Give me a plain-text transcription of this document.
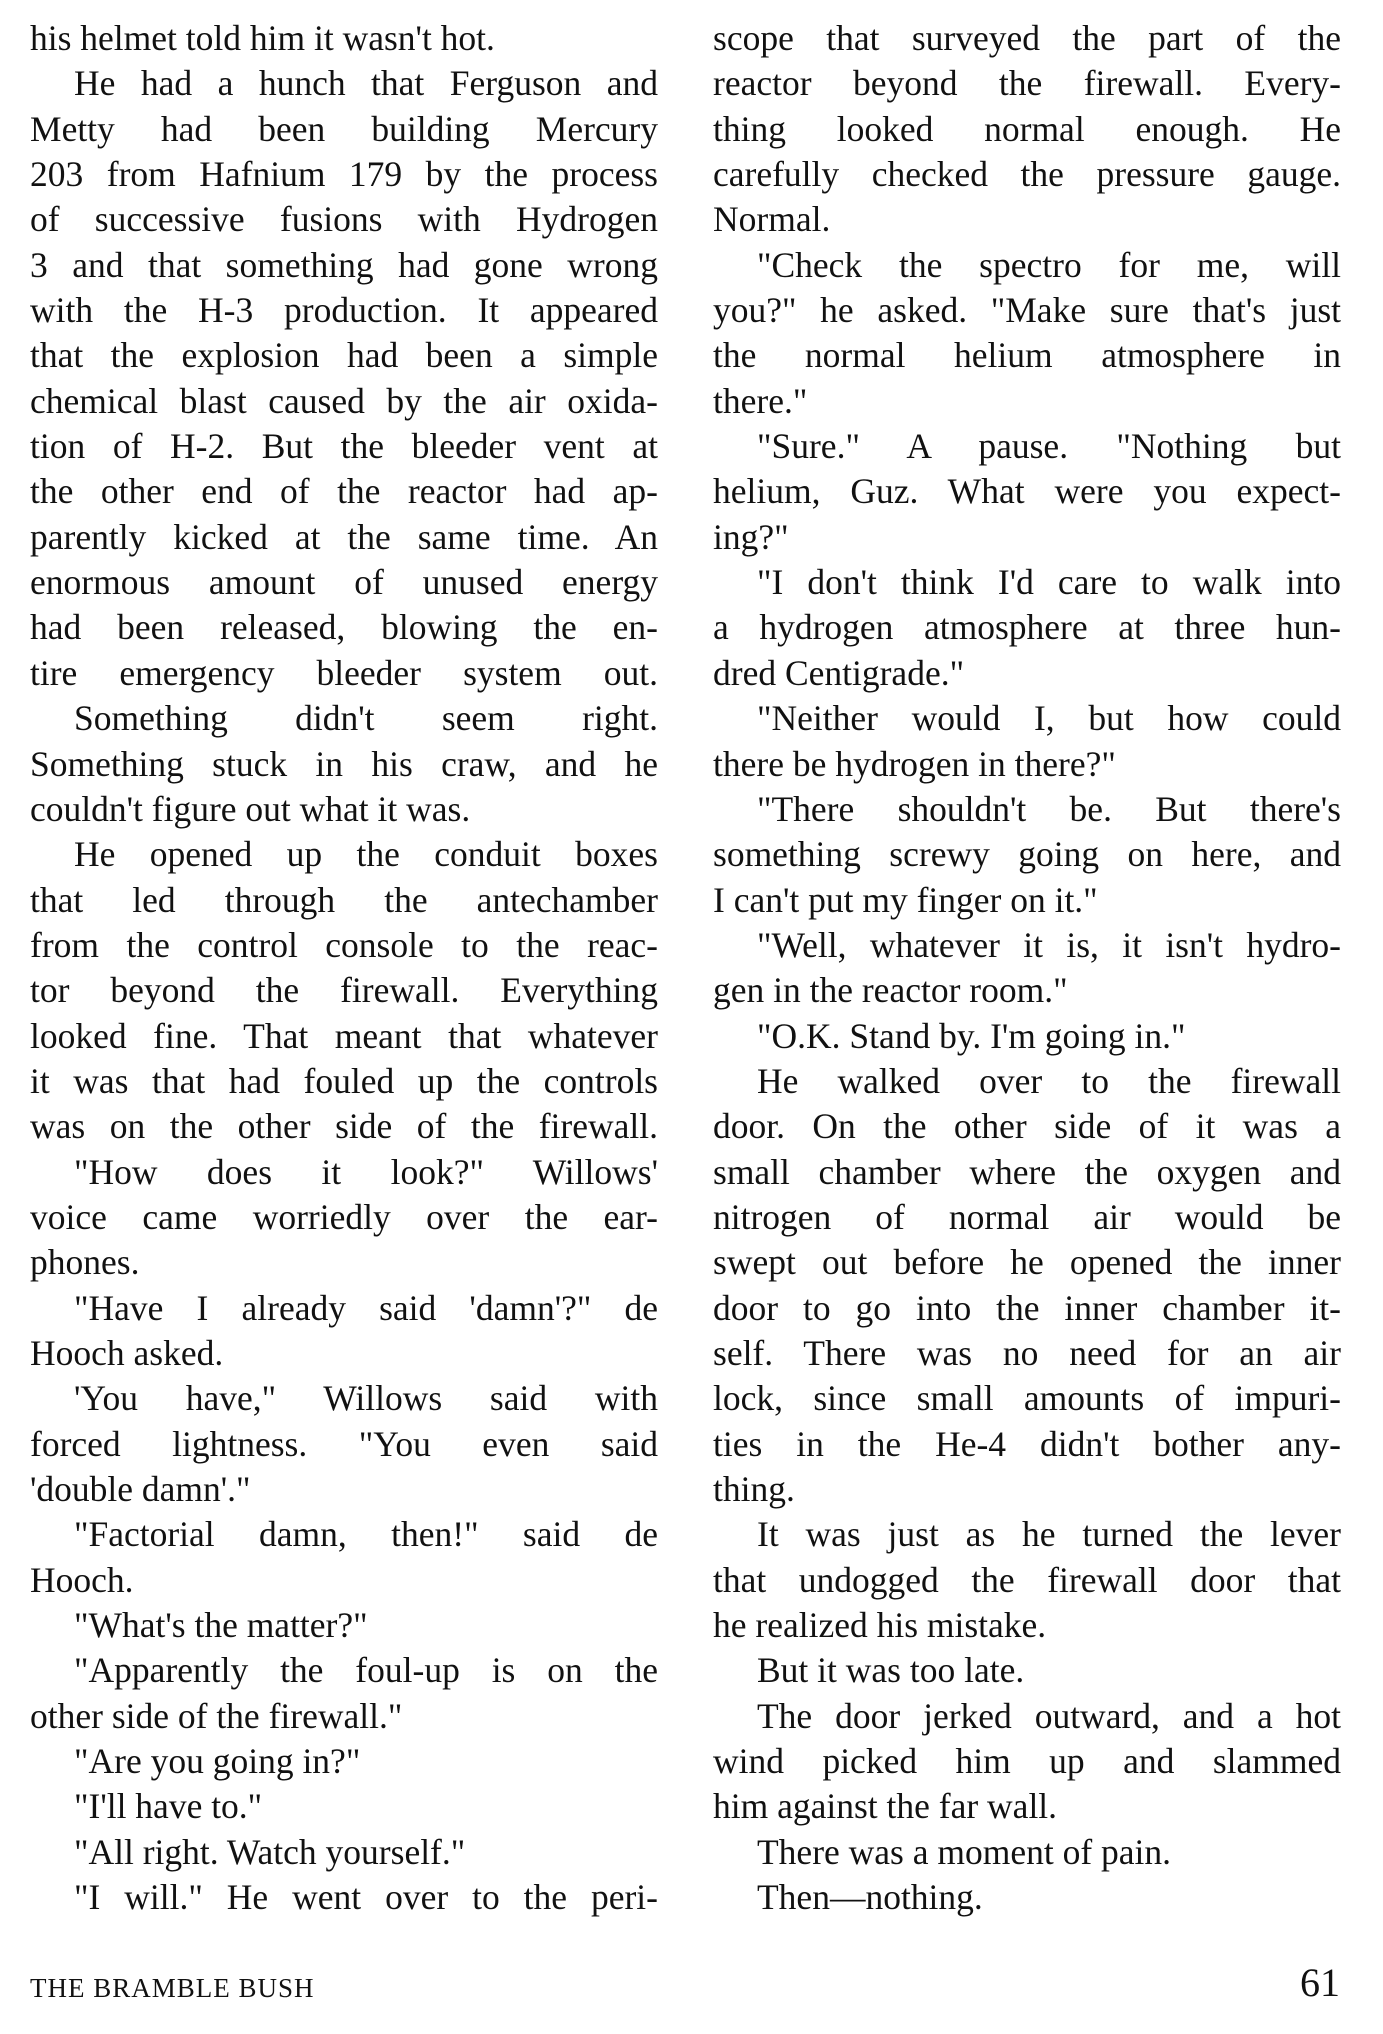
his helmet told him it wasn't hot.
He had a hunch that Ferguson and
Metty had been building Mercury
203 from Hafnium 179 by the process
of successive fusions with Hydrogen
3 and that something had gone wrong
with the H-3 production. It appeared
that the explosion had been a simple
chemical blast caused by the air oxida-
tion of H-2. But the bleeder vent at
the other end of the reactor had ap-
parently kicked at the same time. An
enormous amount of unused energy
had been released, blowing the en-
tire emergency bleeder system out.
Something didn't seem right.
Something stuck in his craw, and he
couldn't figure out what it was.
He opened up the conduit boxes
that led through the antechamber
from the control console to the reac-
tor beyond the firewall. Everything
looked fine. That meant that whatever
it was that had fouled up the controls
was on the other side of the firewall.
"How does it look?" Willows'
voice came worriedly over the ear-
phones.
"Have I already said 'damn'?" de
Hooch asked.
'You have," Willows said with
forced lightness. "You even said
'double damn'."
"Factorial damn, then!" said de
Hooch.
"What's the matter?"
"Apparently the foul-up is on the
other side of the firewall."
"Are you going in?"
"I'll have to."
"All right. Watch yourself."
"I will." He went over to the peri-
scope that surveyed the part of the
reactor beyond the firewall. Every-
thing looked normal enough. He
carefully checked the pressure gauge.
Normal.
"Check the spectro for me, will
you?" he asked. "Make sure that's just
the normal helium atmosphere in
there."
"Sure." A pause. "Nothing but
helium, Guz. What were you expect-
ing?"
"I don't think I'd care to walk into
a hydrogen atmosphere at three hun-
dred Centigrade."
"Neither would I, but how could
there be hydrogen in there?"
"There shouldn't be. But there's
something screwy going on here, and
I can't put my finger on it."
"Well, whatever it is, it isn't hydro-
gen in the reactor room."
"O.K. Stand by. I'm going in."
He walked over to the firewall
door. On the other side of it was a
small chamber where the oxygen and
nitrogen of normal air would be
swept out before he opened the inner
door to go into the inner chamber it-
self. There was no need for an air
lock, since small amounts of impuri-
ties in the He-4 didn't bother any-
thing.
It was just as he turned the lever
that undogged the firewall door that
he realized his mistake.
But it was too late.
The door jerked outward, and a hot
wind picked him up and slammed
him against the far wall.
There was a moment of pain.
Then—nothing.
THE BRAMBLE BUSH	61
